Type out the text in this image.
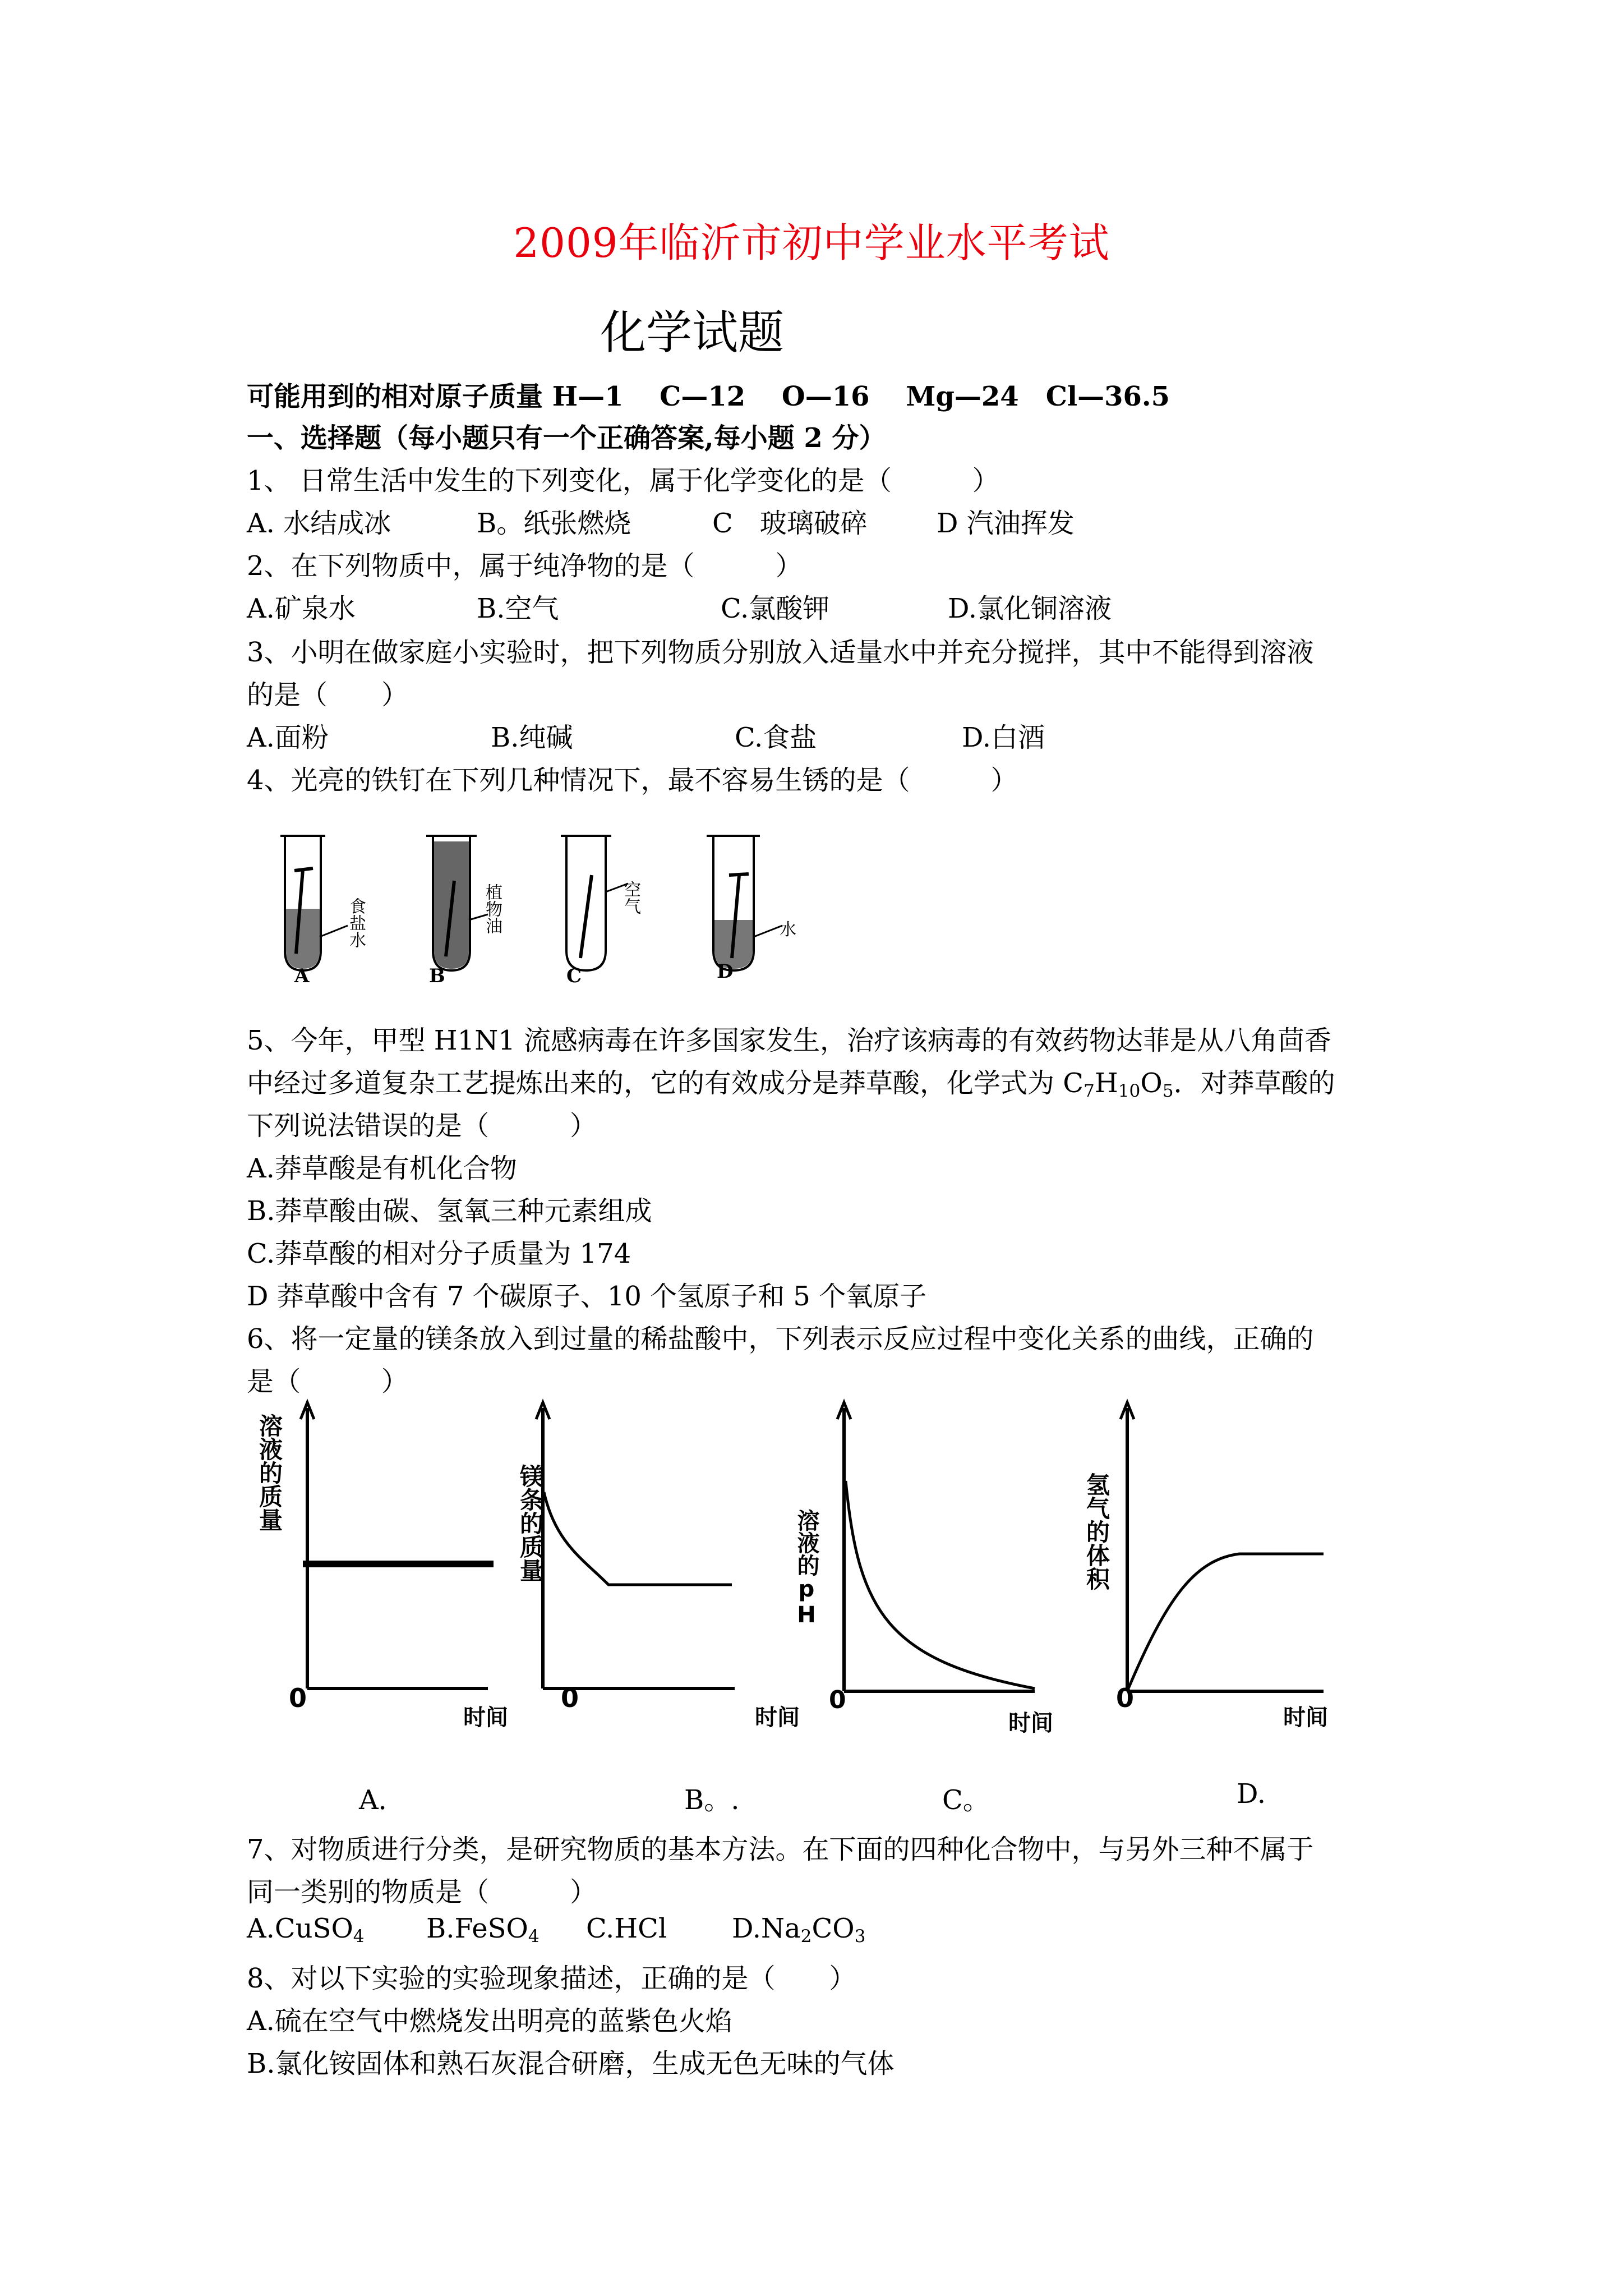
2009年临沂市初中学业水平考试
化学试题
可能用到的相对原子质量 H—1　 C—12　 O—16　 Mg—24　Cl—36.5
一、选择题（每小题只有一个正确答案,每小题 2 分）
1、 日常生活中发生的下列变化，属于化学变化的是（　　　）
A. 水结成冰	B。纸张燃烧	C　玻璃破碎	D 汽油挥发
2、在下列物质中，属于纯净物的是（　　　）
A.矿泉水	B.空气	C.氯酸钾	D.氯化铜溶液
3、小明在做家庭小实验时，把下列物质分别放入适量水中并充分搅拌，其中不能得到溶液
的是（　　）
A.面粉	B.纯碱	C.食盐	D.白酒
4、光亮的铁钉在下列几种情况下，最不容易生锈的是（　　　）
食盐水
A
植物油
B
空气
C
水
D
5、今年，甲型 H1N1 流感病毒在许多国家发生，治疗该病毒的有效药物达菲是从八角茴香
中经过多道复杂工艺提炼出来的，它的有效成分是莽草酸，化学式为 $C_7H_{10}O_5$．对莽草酸的
下列说法错误的是（　　　）
A.莽草酸是有机化合物
B.莽草酸由碳、氢氧三种元素组成
C.莽草酸的相对分子质量为 174
D 莽草酸中含有 7 个碳原子、10 个氢原子和 5 个氧原子
6、将一定量的镁条放入到过量的稀盐酸中，下列表示反应过程中变化关系的曲线，正确的
是（　　　）
溶液的质量
0
时间
A．
镁条的质量
0
时间
B。.
溶液的pH
0
时间
C。
氢气的体积
0
时间
D.
7、对物质进行分类，是研究物质的基本方法。在下面的四种化合物中，与另外三种不属于
同一类别的物质是（　　　）
A.CuSO$_4$ B.FeSO$_4$ C.HCl $D.Na_2CO_3$
8、对以下实验的实验现象描述，正确的是（　　）
A.硫在空气中燃烧发出明亮的蓝紫色火焰
B.氯化铵固体和熟石灰混合研磨，生成无色无味的气体
